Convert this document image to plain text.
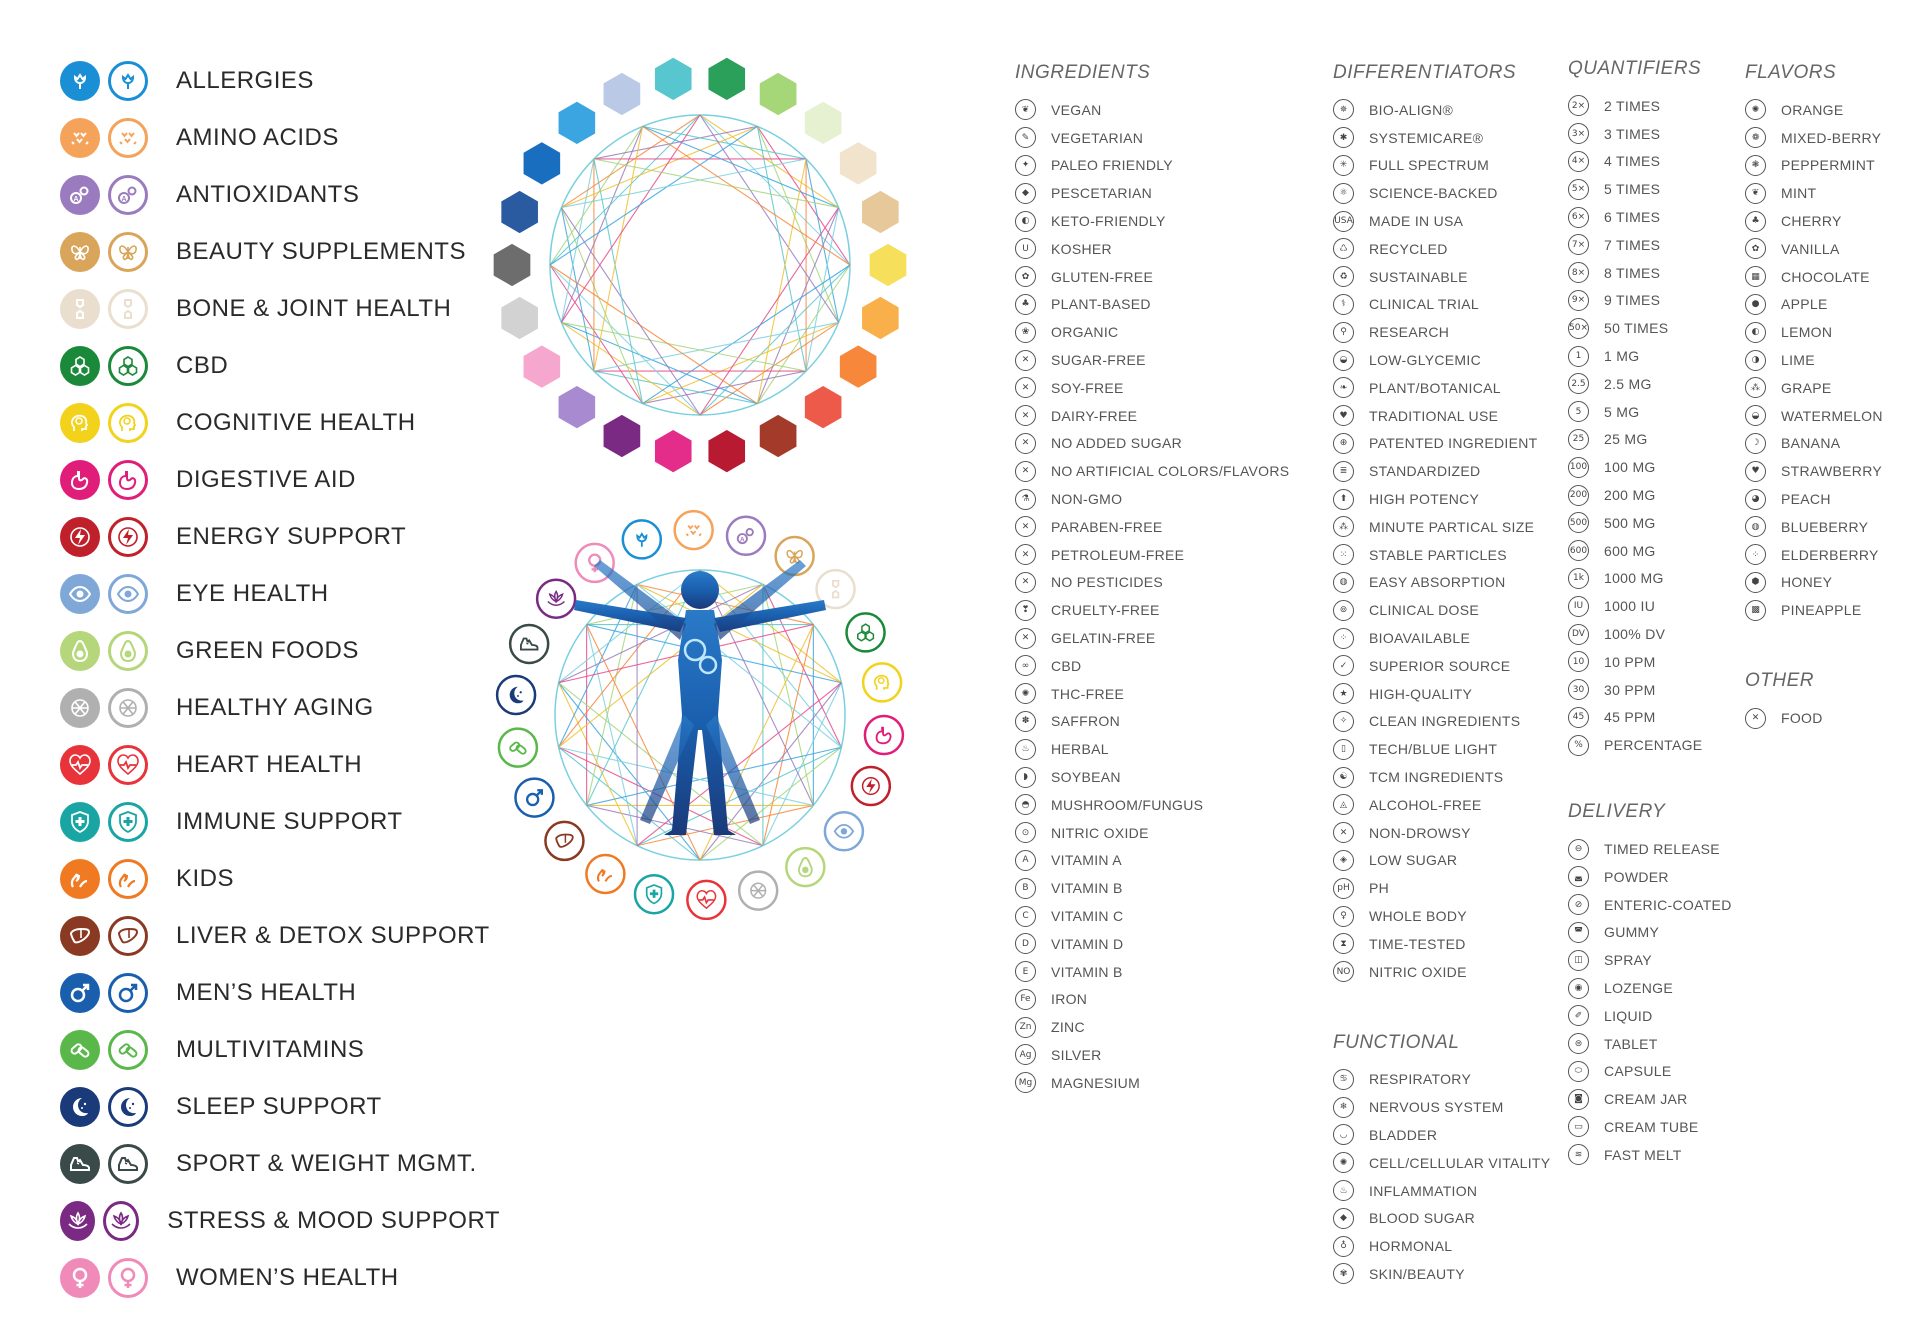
ALLERGIES
AMINO ACIDS
A	A ANTIOXIDANTS
BEAUTY SUPPLEMENTS
BONE & JOINT HEALTH
CBD
COGNITIVE HEALTH
DIGESTIVE AID
ENERGY SUPPORT
EYE HEALTH
GREEN FOODS
HEALTHY AGING
HEART HEALTH
IMMUNE SUPPORT
KIDS
LIVER & DETOX SUPPORT
MEN’S HEALTH
MULTIVITAMINS
SLEEP SUPPORT
SPORT & WEIGHT MGMT.
STRESS & MOOD SUPPORT
WOMEN’S HEALTH
A
INGREDIENTS
❦	VEGAN
✎	VEGETARIAN
✦	PALEO FRIENDLY
◆	PESCETARIAN
◐	KETO-FRIENDLY
U	KOSHER
✿	GLUTEN-FREE
♣	PLANT-BASED
❀	ORGANIC
✕	SUGAR-FREE
✕	SOY-FREE
✕	DAIRY-FREE
✕	NO ADDED SUGAR
✕	NO ARTIFICIAL COLORS/FLAVORS
⚗	NON-GMO
✕	PARABEN-FREE
✕	PETROLEUM-FREE
✕	NO PESTICIDES
❣	CRUELTY-FREE
✕	GELATIN-FREE
∞	CBD
✺	THC-FREE
✽	SAFFRON
♨	HERBAL
◗	SOYBEAN
◓	MUSHROOM/FUNGUS
⊙	NITRIC OXIDE
A	VITAMIN A
B	VITAMIN B
C	VITAMIN C
D	VITAMIN D
E	VITAMIN B
Fe	IRON
Zn	ZINC
Ag	SILVER
Mg MAGNESIUM
DIFFERENTIATORS
✵	BIO-ALIGN®
✱	SYSTEMICARE®
✳	FULL SPECTRUM
⚛	SCIENCE-BACKED
USA MADE IN USA
♺	RECYCLED
♻	SUSTAINABLE
⚕	CLINICAL TRIAL
⚲	RESEARCH
◒	LOW-GLYCEMIC
❧	PLANT/BOTANICAL
♥	TRADITIONAL USE
⊕	PATENTED INGREDIENT
≣	STANDARDIZED
⬆	HIGH POTENCY
⁂	MINUTE PARTICAL SIZE
⁙	STABLE PARTICLES
◍	EASY ABSORPTION
⊚	CLINICAL DOSE
⁘	BIOAVAILABLE
✓	SUPERIOR SOURCE
★	HIGH-QUALITY
✧	CLEAN INGREDIENTS
▯	TECH/BLUE LIGHT
☯	TCM INGREDIENTS
◬	ALCOHOL-FREE
✕	NON-DROWSY
◈	LOW SUGAR
pH	PH
♀	WHOLE BODY
⧗	TIME-TESTED
NO NITRIC OXIDE
FUNCTIONAL
♋	RESPIRATORY
❄	NERVOUS SYSTEM
◡	BLADDER
✺	CELL/CELLULAR VITALITY
♨	INFLAMMATION
◆	BLOOD SUGAR
♁	HORMONAL
✾	SKIN/BEAUTY
QUANTIFIERS
2× 2 TIMES
3× 3 TIMES
4× 4 TIMES
5× 5 TIMES
6× 6 TIMES
7× 7 TIMES
8× 8 TIMES
9× 9 TIMES
50× 50 TIMES
1	1 MG
2.5 2.5 MG
5	5 MG
25	25 MG
100 100 MG
200 200 MG
500 500 MG
600 600 MG
1k	1000 MG
IU	1000 IU
DV 100% DV
10	10 PPM
30	30 PPM
45	45 PPM
%	PERCENTAGE
DELIVERY
⊖	TIMED RELEASE
◛	POWDER
⊘	ENTERIC-COATED
◚	GUMMY
◫	SPRAY
◉	LOZENGE
✐	LIQUID
⊜	TABLET
⬭	CAPSULE
◙	CREAM JAR
▭	CREAM TUBE
≋	FAST MELT
FLAVORS
✺	ORANGE
❁	MIXED-BERRY
❃	PEPPERMINT
❦	MINT
♣	CHERRY
✿	VANILLA
▦	CHOCOLATE
●	APPLE
◐	LEMON
◑	LIME
⁂	GRAPE
◒	WATERMELON
☽	BANANA
♥	STRAWBERRY
◕	PEACH
◍	BLUEBERRY
⁘	ELDERBERRY
⬢	HONEY
▩	PINEAPPLE
OTHER
✕	FOOD
